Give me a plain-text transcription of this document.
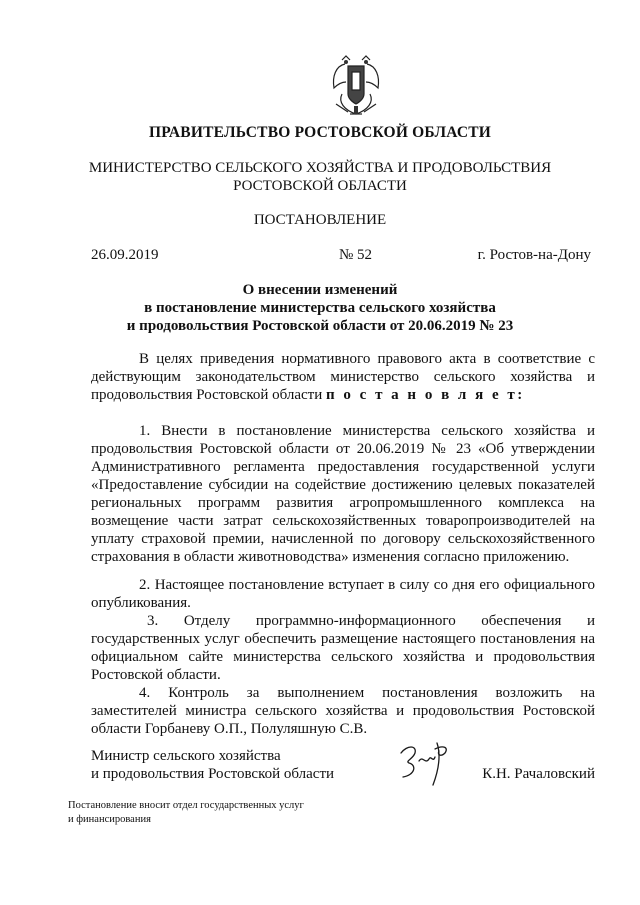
ПРАВИТЕЛЬСТВО РОСТОВСКОЙ ОБЛАСТИ
МИНИСТЕРСТВО СЕЛЬСКОГО ХОЗЯЙСТВА И ПРОДОВОЛЬСТВИЯ
РОСТОВСКОЙ ОБЛАСТИ
ПОСТАНОВЛЕНИЕ
26.09.2019	№ 52	г. Ростов-на-Дону
О внесении изменений
в постановление министерства сельского хозяйства
и продовольствия Ростовской области от 20.06.2019 № 23
В целях приведения нормативного правового акта в соответствие с действующим законодательством министерство сельского хозяйства и продовольствия Ростовской области п о с т а н о в л я е т:
1. Внести в постановление министерства сельского хозяйства и продовольствия Ростовской области от 20.06.2019 № 23 «Об утверждении Административного регламента предоставления государственной услуги «Предоставление субсидии на содействие достижению целевых показателей региональных программ развития агропромышленного комплекса на возмещение части затрат сельскохозяйственных товаропроизводителей на уплату страховой премии, начисленной по договору сельскохозяйственного страхования в области животноводства» изменения согласно приложению.
2. Настоящее постановление вступает в силу со дня его официального опубликования.
3. Отделу программно-информационного обеспечения и государственных услуг обеспечить размещение настоящего постановления на официальном сайте министерства сельского хозяйства и продовольствия Ростовской области.
4. Контроль за выполнением постановления возложить на заместителей министра сельского хозяйства и продовольствия Ростовской области Горбаневу О.П., Полуляшную С.В.
Министр сельского хозяйства
и продовольствия Ростовской области	К.Н. Рачаловский
Постановление вносит отдел государственных услуг
и финансирования
